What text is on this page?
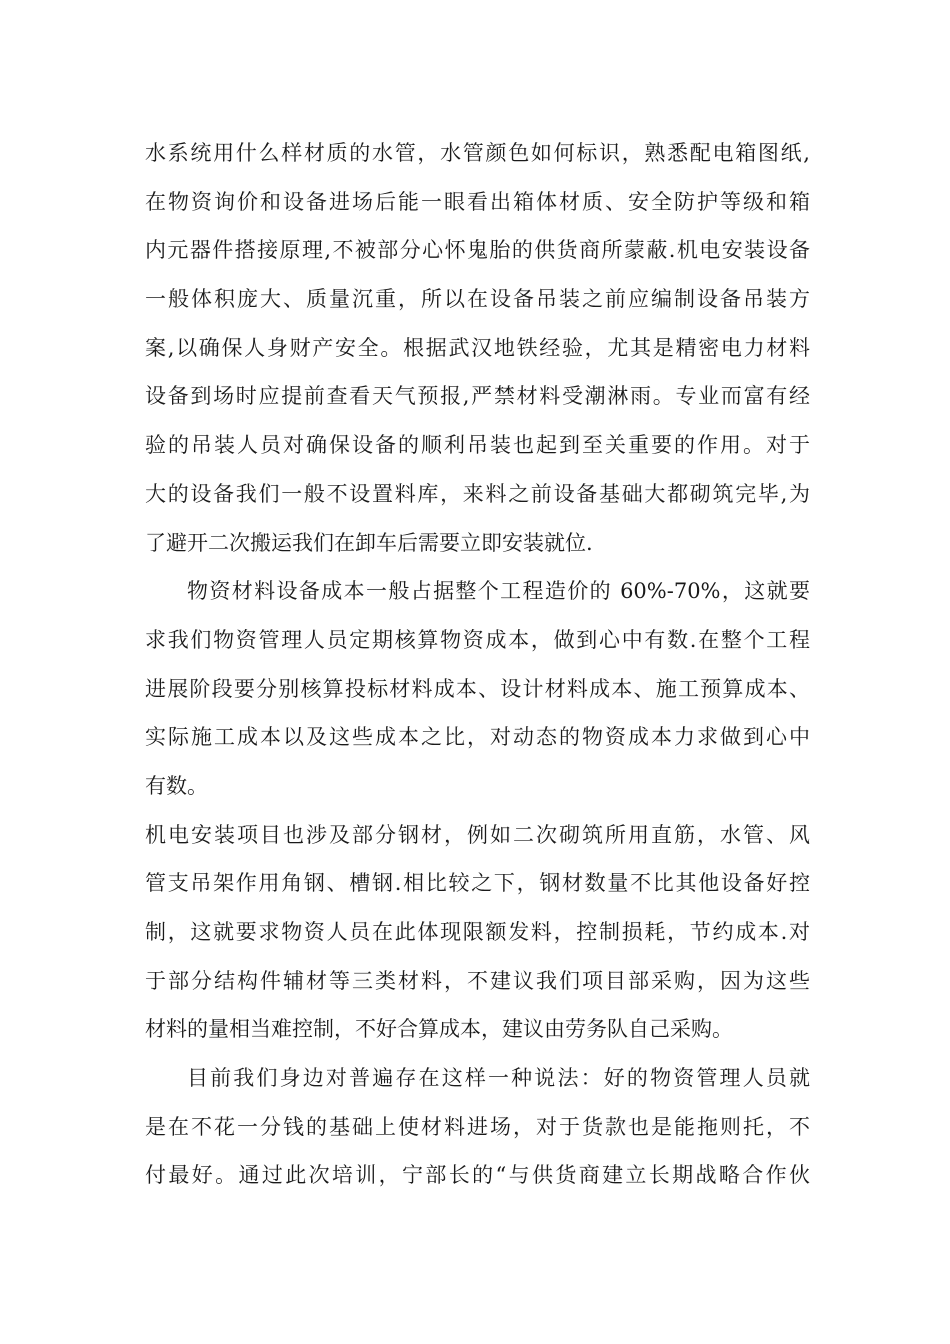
水系统用什么样材质的水管，水管颜色如何标识，熟悉配电箱图纸,
在物资询价和设备进场后能一眼看出箱体材质、安全防护等级和箱
内元器件搭接原理,不被部分心怀鬼胎的供货商所蒙蔽.机电安装设备
一般体积庞大、质量沉重，所以在设备吊装之前应编制设备吊装方
案,以确保人身财产安全。根据武汉地铁经验，尤其是精密电力材料
设备到场时应提前查看天气预报,严禁材料受潮淋雨。专业而富有经
验的吊装人员对确保设备的顺利吊装也起到至关重要的作用。对于
大的设备我们一般不设置料库，来料之前设备基础大都砌筑完毕,为
了避开二次搬运我们在卸车后需要立即安装就位.
物资材料设备成本一般占据整个工程造价的 60%-70%，这就要
求我们物资管理人员定期核算物资成本，做到心中有数.在整个工程
进展阶段要分别核算投标材料成本、设计材料成本、施工预算成本、
实际施工成本以及这些成本之比，对动态的物资成本力求做到心中
有数。
机电安装项目也涉及部分钢材，例如二次砌筑所用直筋，水管、风
管支吊架作用角钢、槽钢.相比较之下，钢材数量不比其他设备好控
制，这就要求物资人员在此体现限额发料，控制损耗，节约成本.对
于部分结构件辅材等三类材料，不建议我们项目部采购，因为这些
材料的量相当难控制，不好合算成本，建议由劳务队自己采购。
目前我们身边对普遍存在这样一种说法：好的物资管理人员就
是在不花一分钱的基础上使材料进场，对于货款也是能拖则托，不
付最好。通过此次培训，宁部长的“与供货商建立长期战略合作伙
